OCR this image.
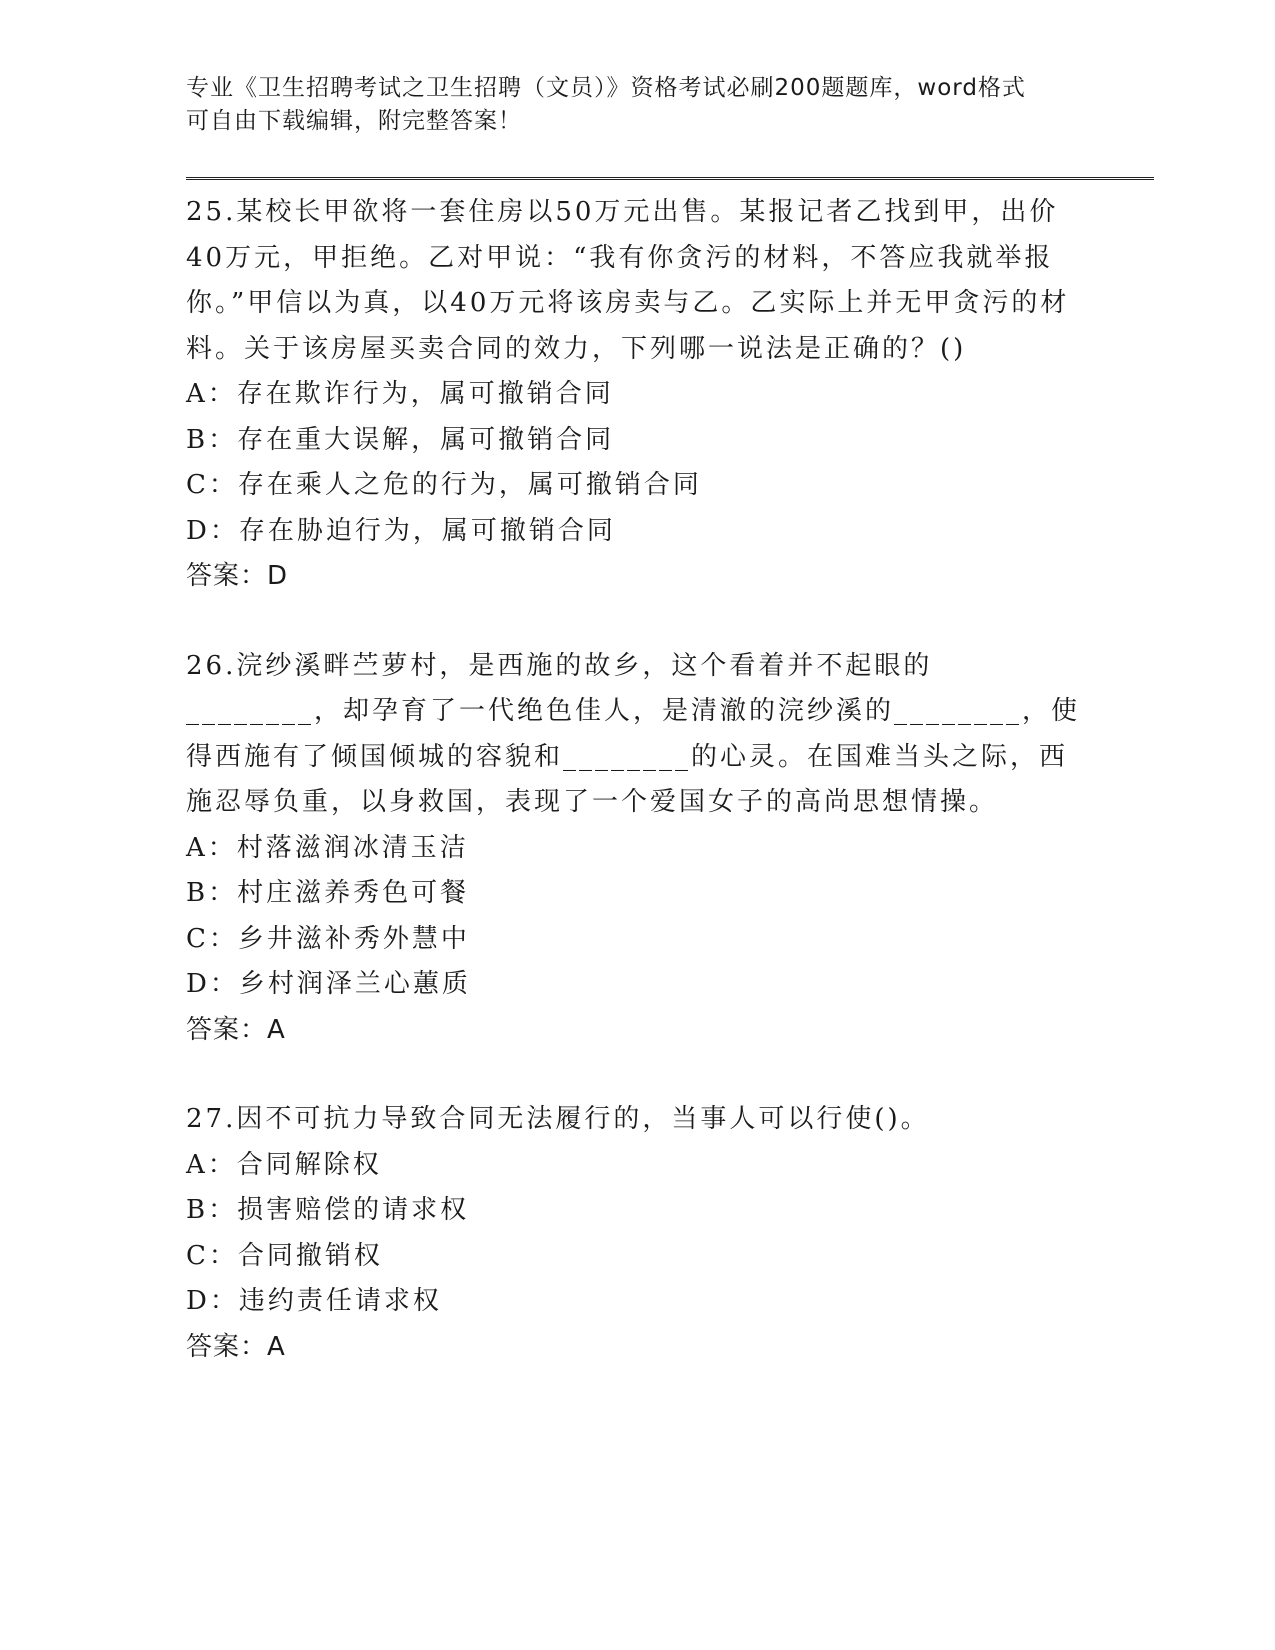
专业《卫生招聘考试之卫生招聘（文员）》资格考试必刷200题题库，word格式
可自由下载编辑，附完整答案！
25.某校长甲欲将一套住房以50万元出售。某报记者乙找到甲，出价40万元，甲拒绝。乙对甲说：“我有你贪污的材料，不答应我就举报你。”甲信以为真，以40万元将该房卖与乙。乙实际上并无甲贪污的材料。关于该房屋买卖合同的效力，下列哪一说法是正确的？()
A：存在欺诈行为，属可撤销合同
B：存在重大误解，属可撤销合同
C：存在乘人之危的行为，属可撤销合同
D：存在胁迫行为，属可撤销合同
答案：D
26.浣纱溪畔苎萝村，是西施的故乡，这个看着并不起眼的________，却孕育了一代绝色佳人，是清澈的浣纱溪的________，使得西施有了倾国倾城的容貌和________的心灵。在国难当头之际，西施忍辱负重，以身救国，表现了一个爱国女子的高尚思想情操。
A：村落滋润冰清玉洁
B：村庄滋养秀色可餐
C：乡井滋补秀外慧中
D：乡村润泽兰心蕙质
答案：A
27.因不可抗力导致合同无法履行的，当事人可以行使()。
A：合同解除权
B：损害赔偿的请求权
C：合同撤销权
D：违约责任请求权
答案：A
